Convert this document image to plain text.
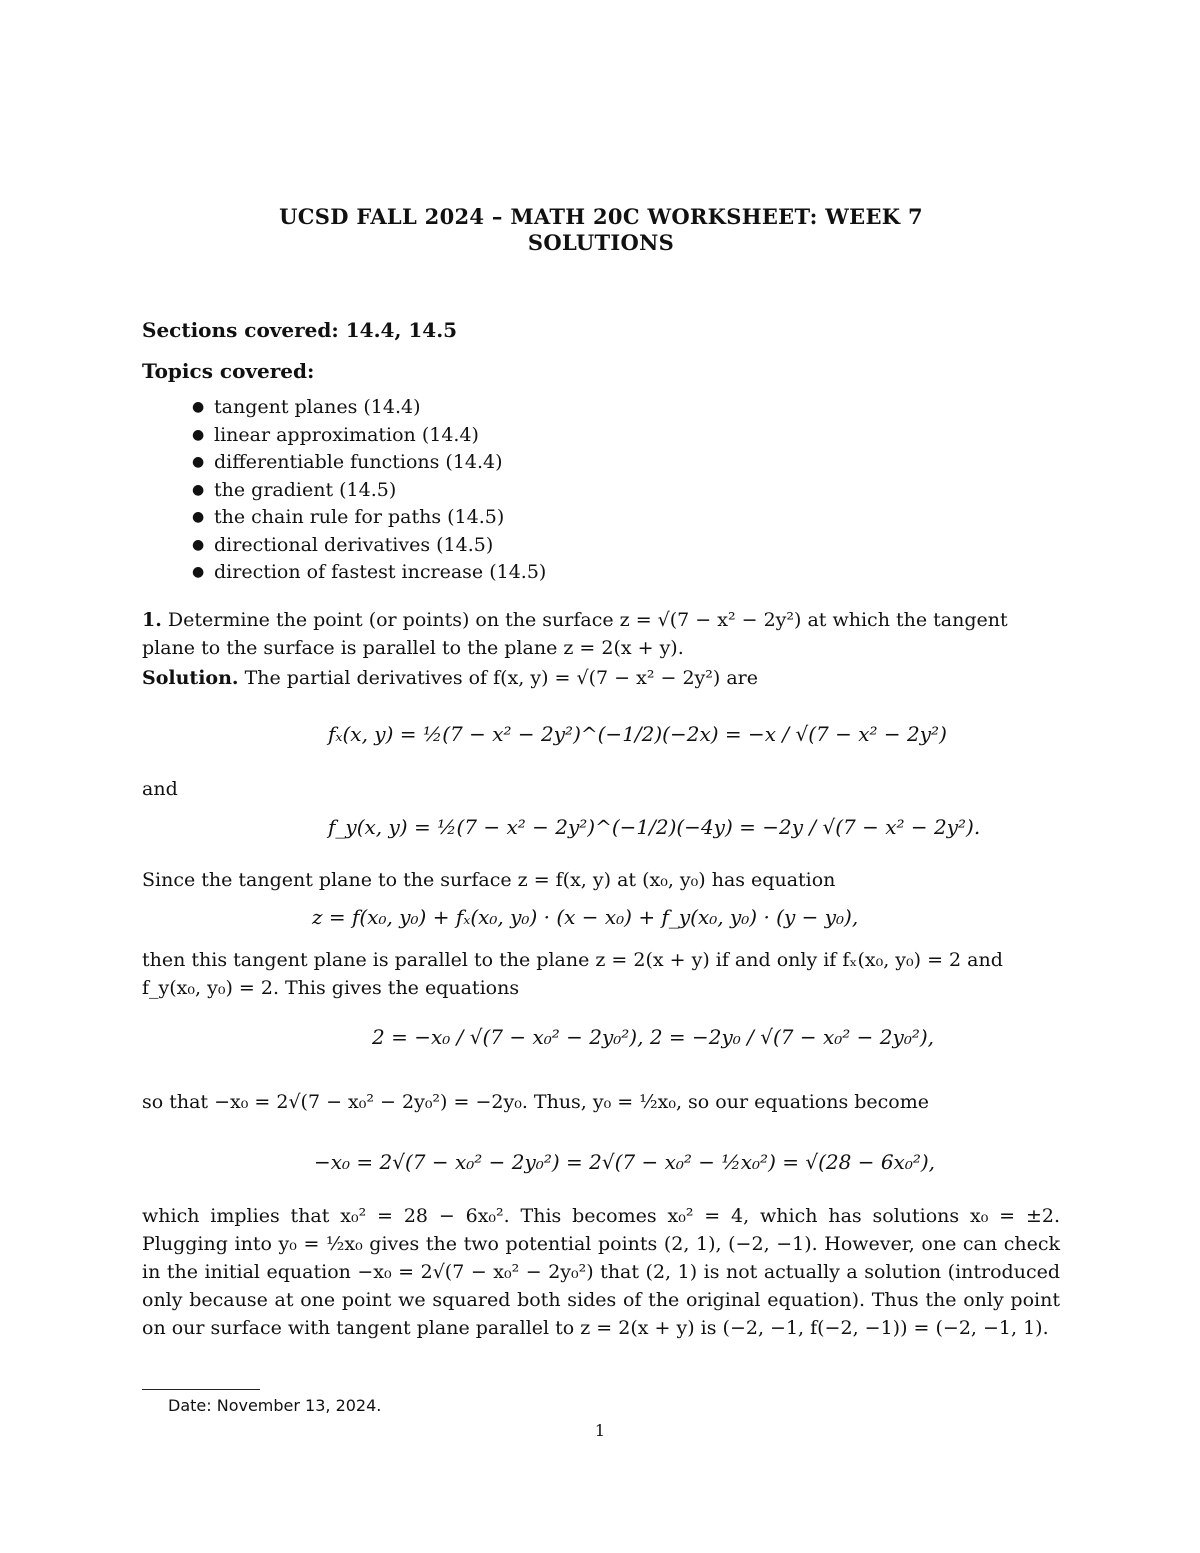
UCSD FALL 2024 – MATH 20C WORKSHEET: WEEK 7
SOLUTIONS
Sections covered: 14.4, 14.5
Topics covered:
● tangent planes (14.4)
● linear approximation (14.4)
● differentiable functions (14.4)
● the gradient (14.5)
● the chain rule for paths (14.5)
● directional derivatives (14.5)
● direction of fastest increase (14.5)
1. Determine the point (or points) on the surface z = √(7 − x² − 2y²) at which the tangent plane to the surface is parallel to the plane z = 2(x + y).
Solution. The partial derivatives of f(x, y) = √(7 − x² − 2y²) are
fₓ(x, y) = ½(7 − x² − 2y²)^(−1/2)(−2x) = −x / √(7 − x² − 2y²)
and
f_y(x, y) = ½(7 − x² − 2y²)^(−1/2)(−4y) = −2y / √(7 − x² − 2y²).
Since the tangent plane to the surface z = f(x, y) at (x₀, y₀) has equation
z = f(x₀, y₀) + fₓ(x₀, y₀) · (x − x₀) + f_y(x₀, y₀) · (y − y₀),
then this tangent plane is parallel to the plane z = 2(x + y) if and only if fₓ(x₀, y₀) = 2 and f_y(x₀, y₀) = 2. This gives the equations
2 = −x₀ / √(7 − x₀² − 2y₀²), 2 = −2y₀ / √(7 − x₀² − 2y₀²),
so that −x₀ = 2√(7 − x₀² − 2y₀²) = −2y₀. Thus, y₀ = ½x₀, so our equations become
−x₀ = 2√(7 − x₀² − 2y₀²) = 2√(7 − x₀² − ½x₀²) = √(28 − 6x₀²),
which implies that x₀² = 28 − 6x₀². This becomes x₀² = 4, which has solutions x₀ = ±2. Plugging into y₀ = ½x₀ gives the two potential points (2, 1), (−2, −1). However, one can check in the initial equation −x₀ = 2√(7 − x₀² − 2y₀²) that (2, 1) is not actually a solution (introduced only because at one point we squared both sides of the original equation). Thus the only point on our surface with tangent plane parallel to z = 2(x + y) is (−2, −1, f(−2, −1)) = (−2, −1, 1).
Date: November 13, 2024.
1
